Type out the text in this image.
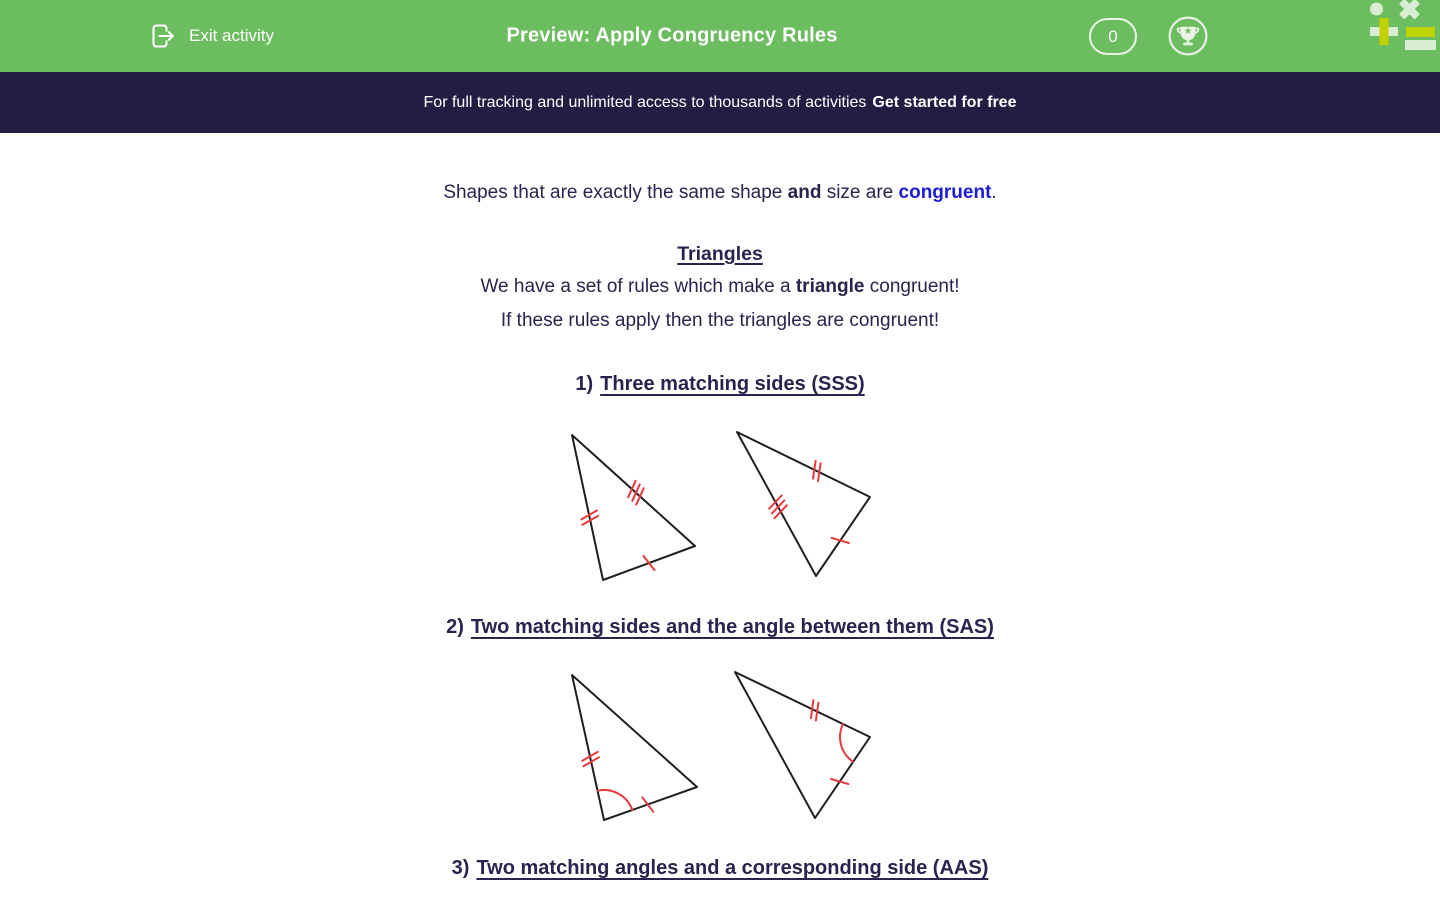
Exit activity	Preview: Apply Congruency Rules	0
For full tracking and unlimited access to thousands of activities Get started for free

Shapes that are exactly the same shape and size are congruent.

Triangles

We have a set of rules which make a triangle congruent!

If these rules apply then the triangles are congruent!

1) Three matching sides (SSS)
2) Two matching sides and the angle between them (SAS)
3) Two matching angles and a corresponding side (AAS)
